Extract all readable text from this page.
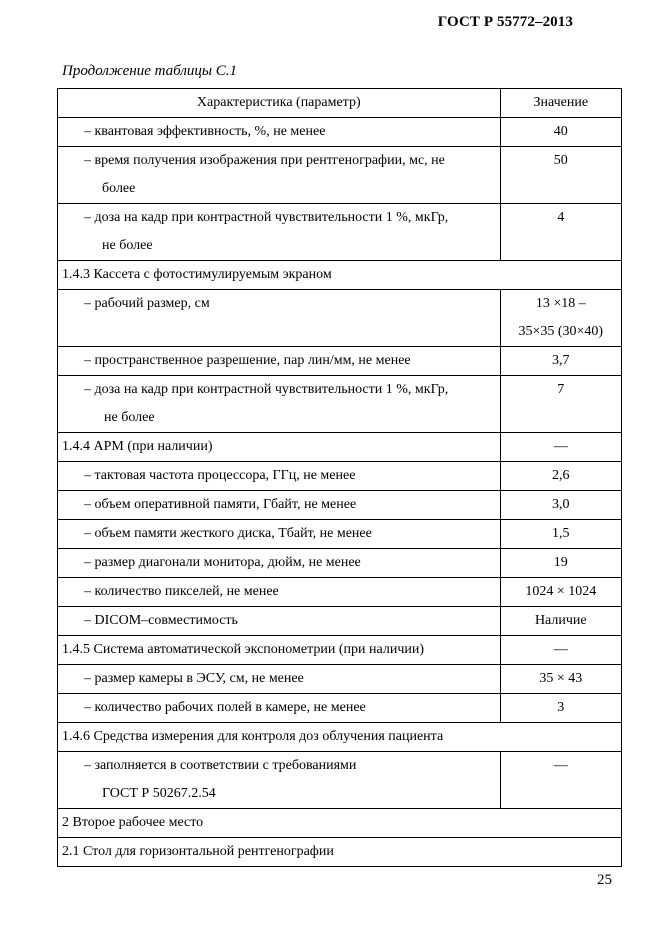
ГОСТ Р 55772–2013
Продолжение таблицы С.1
Характеристика (параметр)	Значение

– квантовая эффективность, %, не менее	40

– время получения изображения при рентгенографии, мс, не
более	50

– доза на кадр при контрастной чувствительности 1 %, мкГр,
не более	4

1.4.3 Кассета с фотостимулируемым экраном	

– рабочий размер, см	13 ×18 –
35×35 (30×40)

– пространственное разрешение, пар лин/мм, не менее	3,7

– доза на кадр при контрастной чувствительности 1 %, мкГр,
не более	7

1.4.4 АРМ (при наличии)	—

– тактовая частота процессора, ГГц, не менее	2,6

– объем оперативной памяти, Гбайт, не менее	3,0

– объем памяти жесткого диска, Тбайт, не менее	1,5

– размер диагонали монитора, дюйм, не менее	19

– количество пикселей, не менее	1024 × 1024

– DICOM–совместимость	Наличие

1.4.5 Система автоматической экспонометрии (при наличии)	—

– размер камеры в ЭСУ, см, не менее	35 × 43

– количество рабочих полей в камере, не менее	3

1.4.6 Средства измерения для контроля доз облучения пациента	

– заполняется в соответствии с требованиями
ГОСТ Р 50267.2.54	—

2 Второе рабочее место	

2.1 Стол для горизонтальной рентгенографии	
25
